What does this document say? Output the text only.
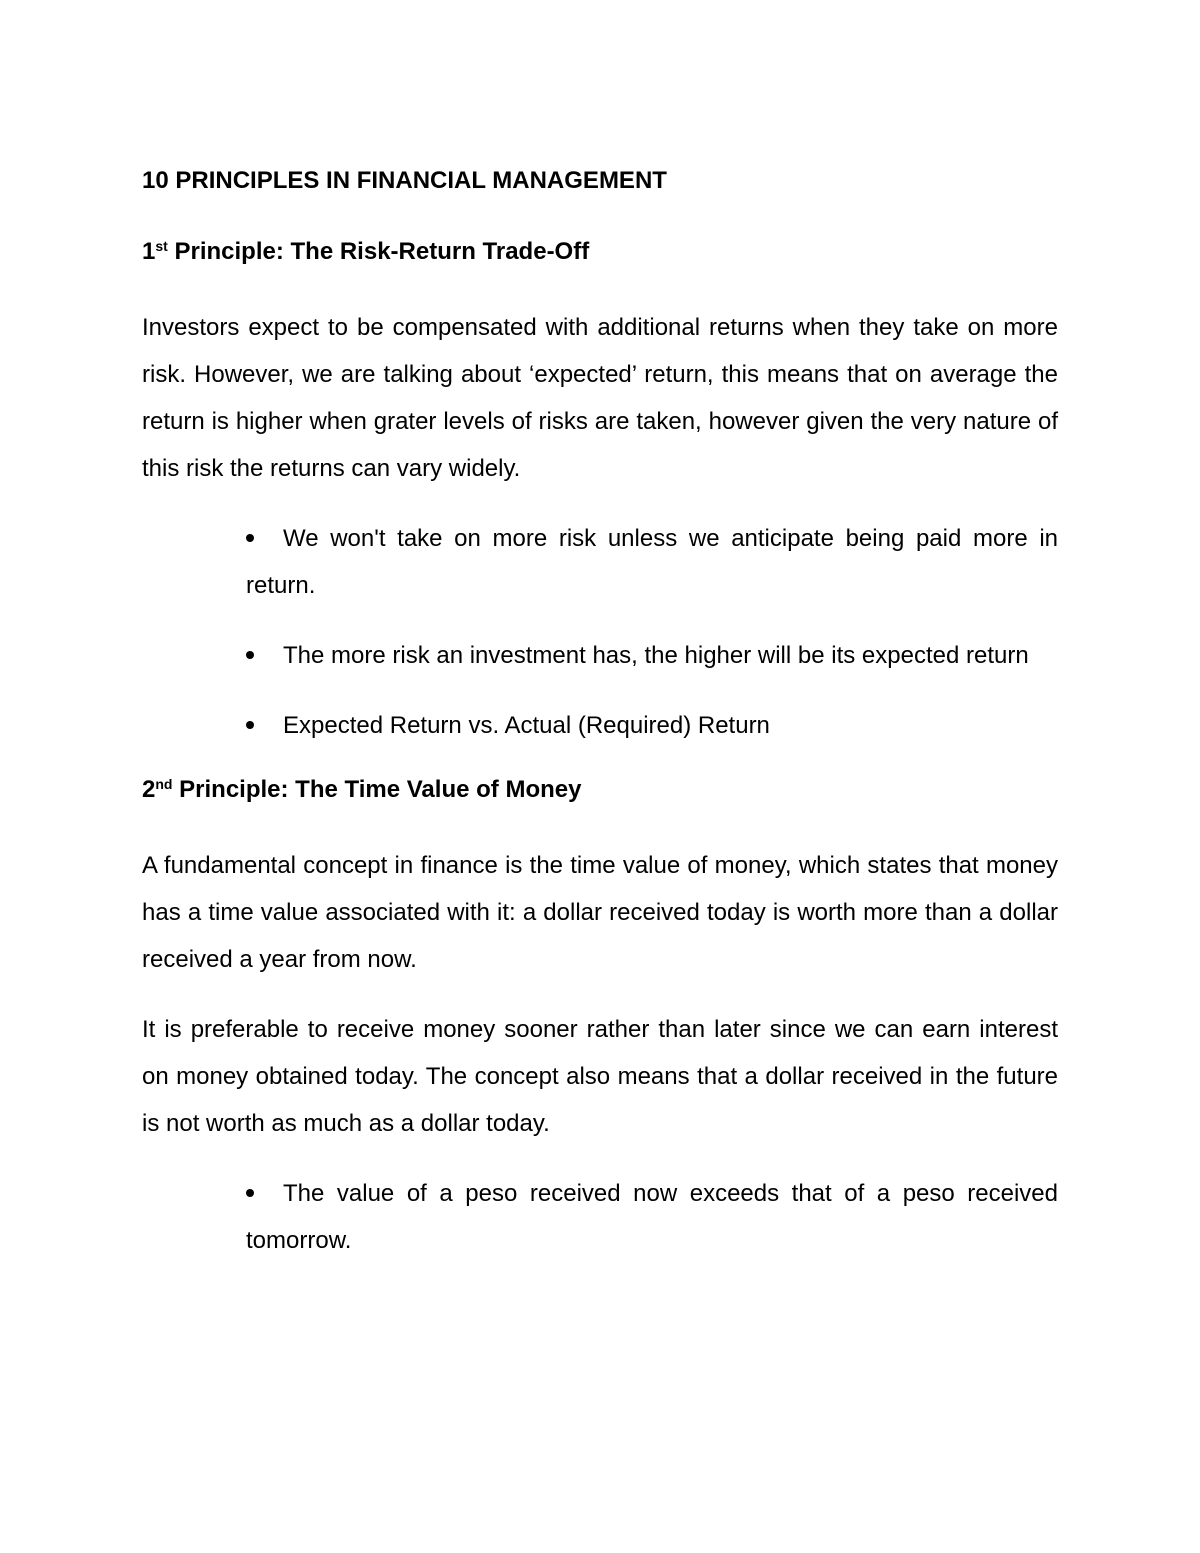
10 PRINCIPLES IN FINANCIAL MANAGEMENT
1st Principle: The Risk-Return Trade-Off

Investors expect to be compensated with additional returns when they take on more risk. However, we are talking about ‘expected’ return, this means that on average the return is higher when grater levels of risks are taken, however given the very nature of this risk the returns can vary widely.

We won't take on more risk unless we anticipate being paid more in return.
The more risk an investment has, the higher will be its expected return
Expected Return vs. Actual (Required) Return
2nd Principle: The Time Value of Money

A fundamental concept in finance is the time value of money, which states that money has a time value associated with it: a dollar received today is worth more than a dollar received a year from now.

It is preferable to receive money sooner rather than later since we can earn interest on money obtained today. The concept also means that a dollar received in the future is not worth as much as a dollar today.

The value of a peso received now exceeds that of a peso received tomorrow.
